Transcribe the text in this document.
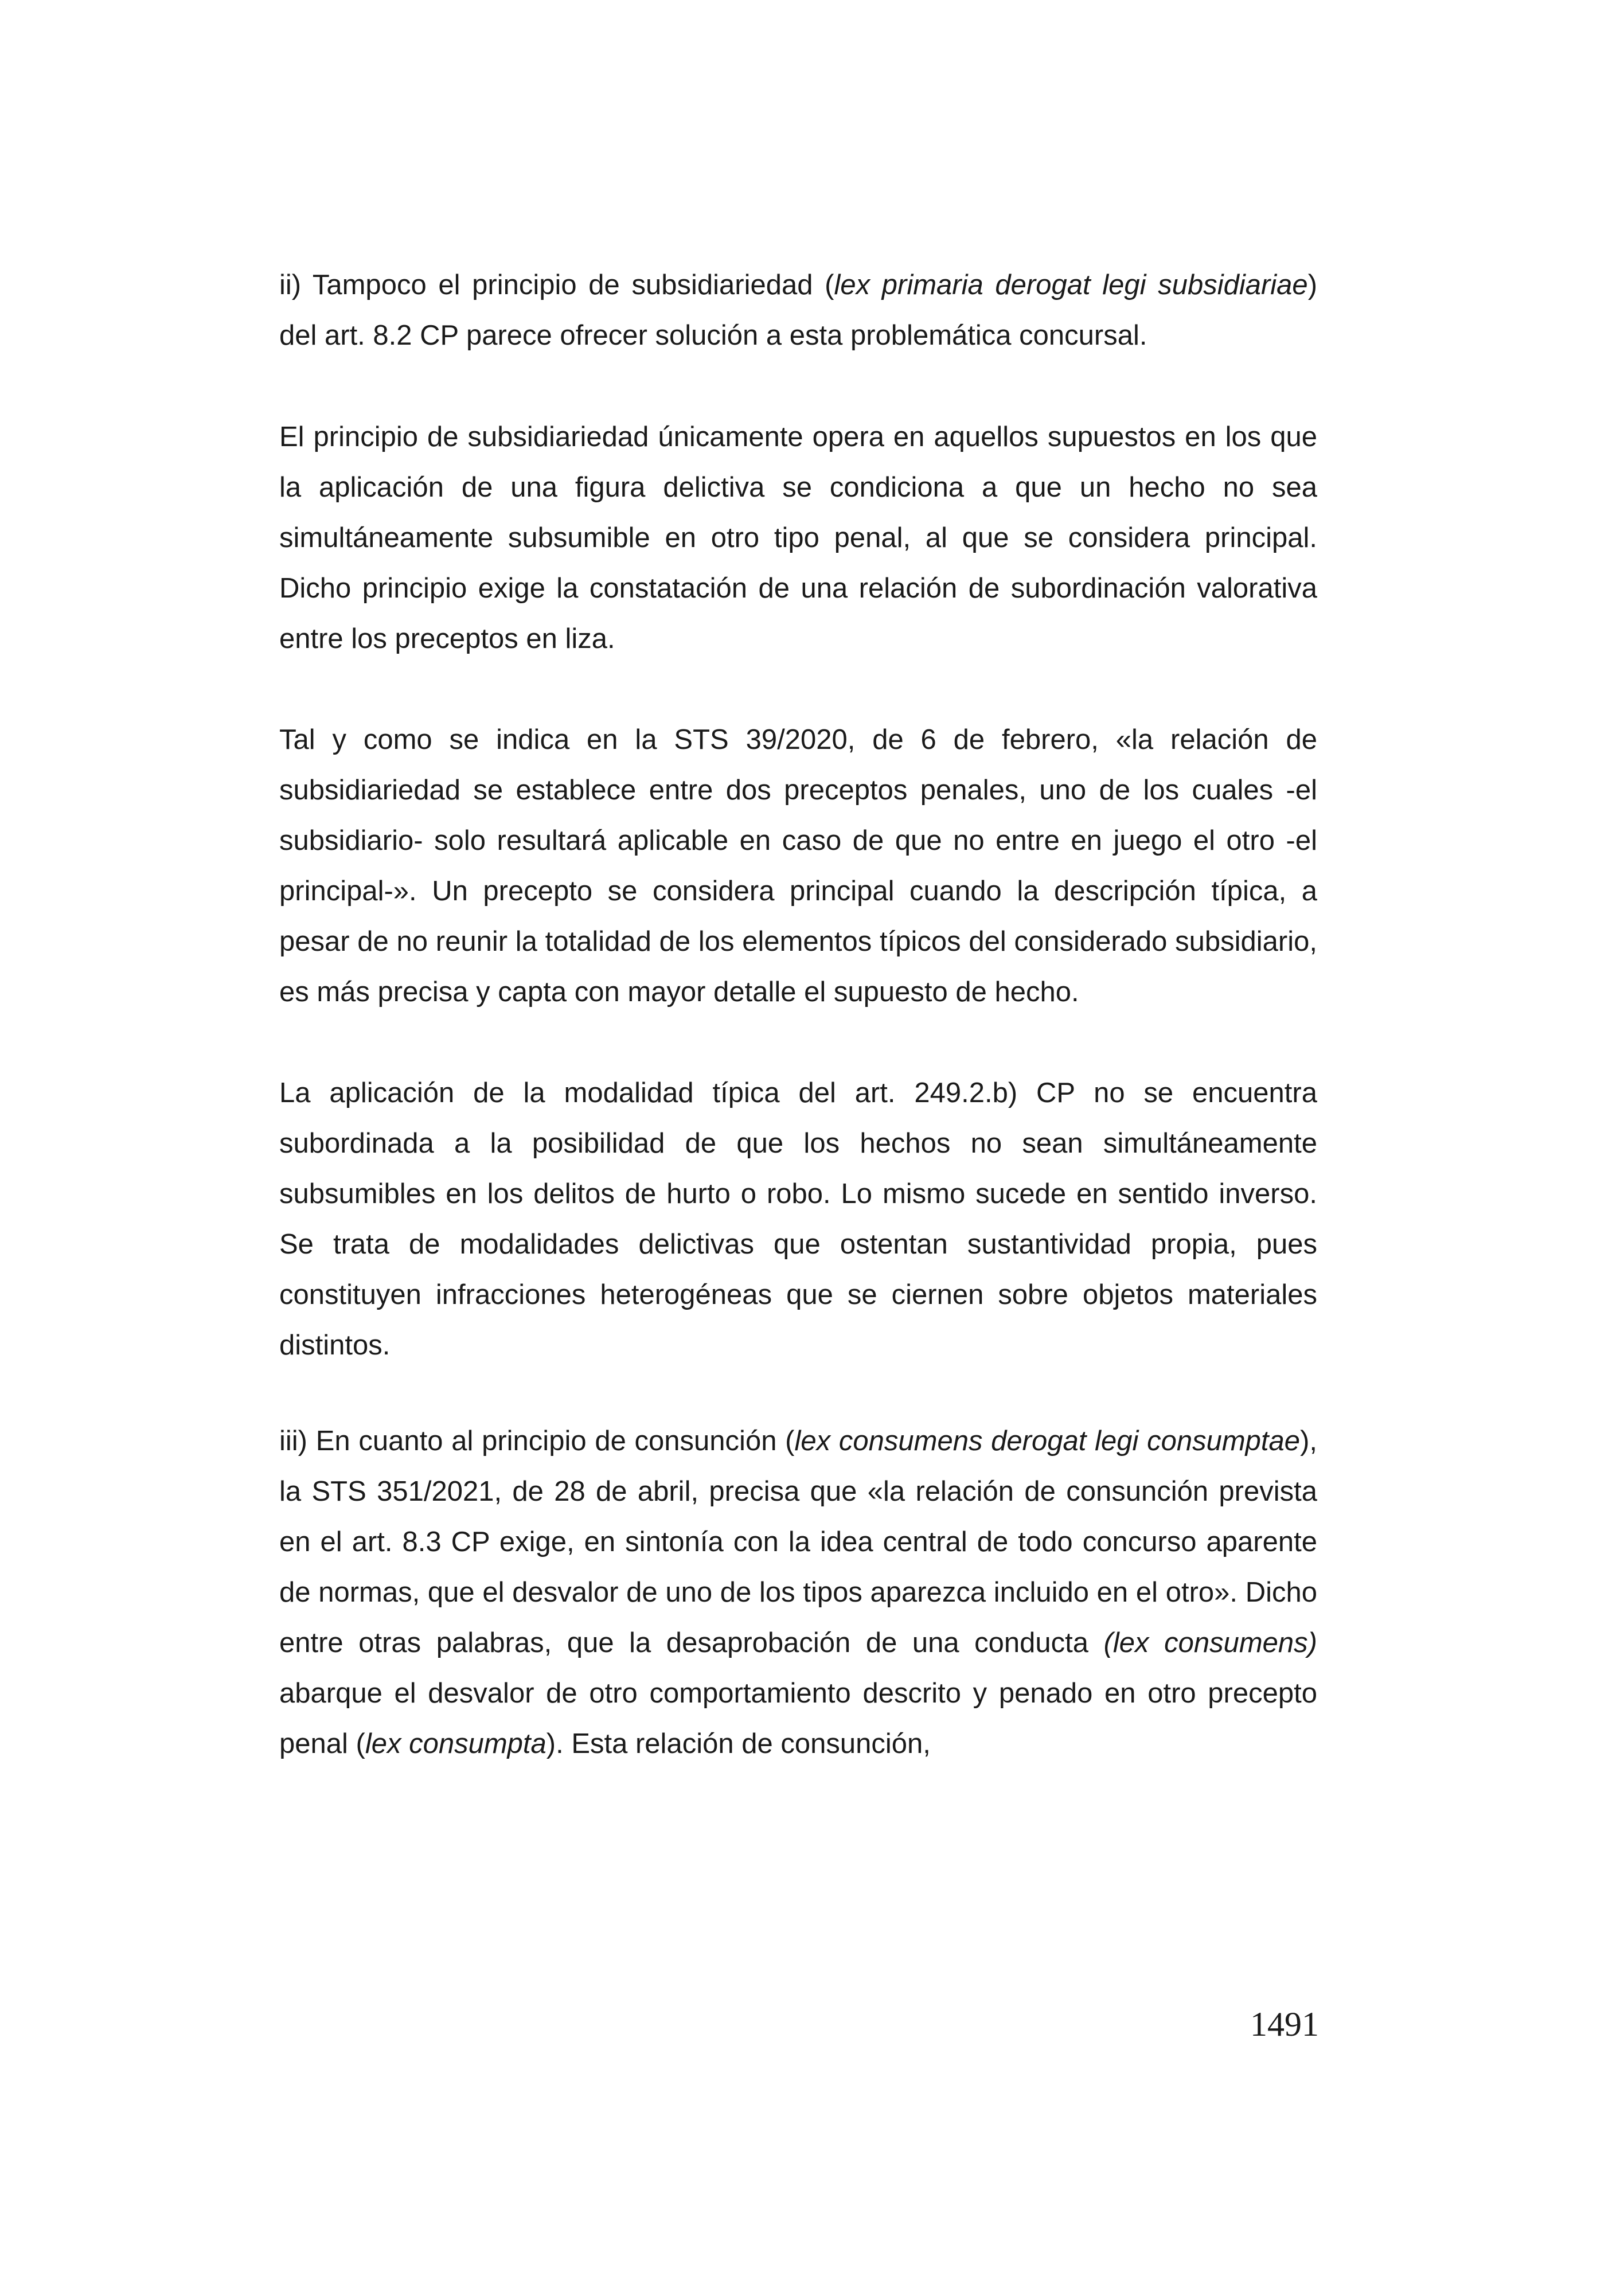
ii) Tampoco el principio de subsidiariedad (lex primaria derogat legi subsidiariae) del art. 8.2 CP parece ofrecer solución a esta problemática concursal.

El principio de subsidiariedad únicamente opera en aquellos supuestos en los que la aplicación de una figura delictiva se condiciona a que un hecho no sea simultáneamente subsumible en otro tipo penal, al que se considera principal. Dicho principio exige la constatación de una relación de subordinación valorativa entre los preceptos en liza.

Tal y como se indica en la STS 39/2020, de 6 de febrero, «la relación de subsidiariedad se establece entre dos preceptos penales, uno de los cuales -el subsidiario- solo resultará aplicable en caso de que no entre en juego el otro -el principal-». Un precepto se considera principal cuando la descripción típica, a pesar de no reunir la totalidad de los elementos típicos del considerado subsidiario, es más precisa y capta con mayor detalle el supuesto de hecho.

La aplicación de la modalidad típica del art. 249.2.b) CP no se encuentra subordinada a la posibilidad de que los hechos no sean simultáneamente subsumibles en los delitos de hurto o robo. Lo mismo sucede en sentido inverso. Se trata de modalidades delictivas que ostentan sustantividad propia, pues constituyen infracciones heterogéneas que se ciernen sobre objetos materiales distintos.

iii) En cuanto al principio de consunción (lex consumens derogat legi consumptae), la STS 351/2021, de 28 de abril, precisa que «la relación de consunción prevista en el art. 8.3 CP exige, en sintonía con la idea central de todo concurso aparente de normas, que el desvalor de uno de los tipos aparezca incluido en el otro». Dicho entre otras palabras, que la desaprobación de una conducta (lex consumens) abarque el desvalor de otro comportamiento descrito y penado en otro precepto penal (lex consumpta). Esta relación de consunción,

1491
